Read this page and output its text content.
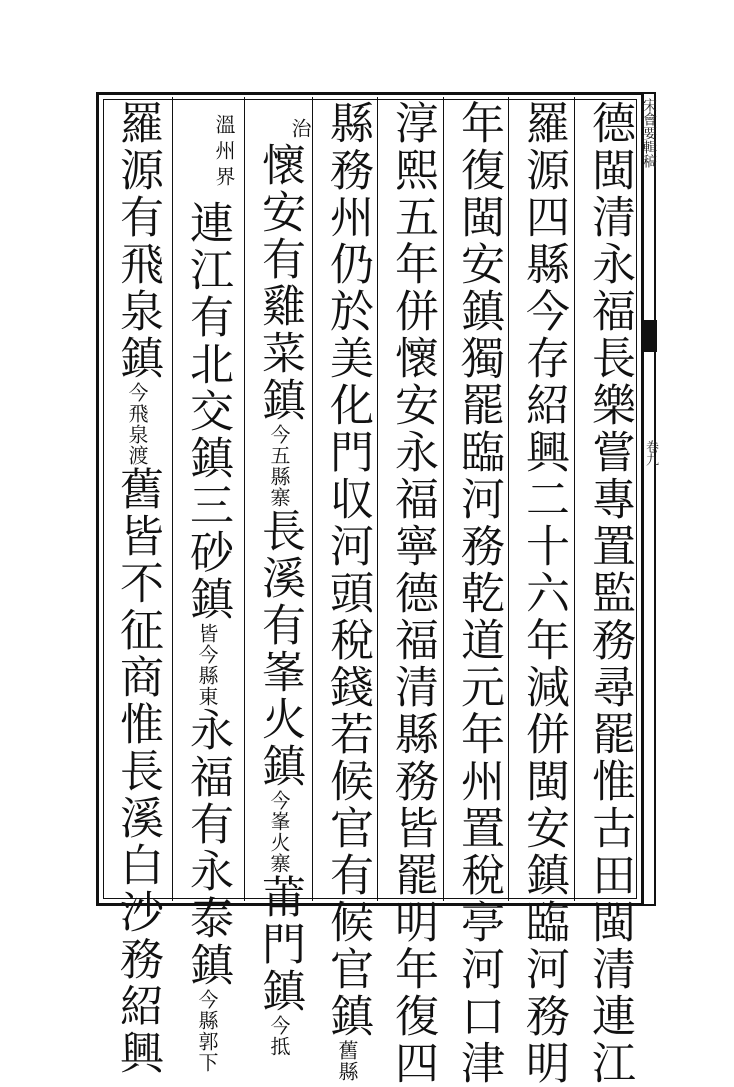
宋會要輯稿
卷九
德閩清永福長樂嘗專置監務尋罷惟古田閩清連江
羅源四縣今存紹興二十六年減併閩安鎮臨河務明
年復閩安鎮獨罷臨河務乾道元年州置稅亭河口津
淳熙五年併懷安永福寧德福清縣務皆罷明年復四
縣務州仍於美化門収河頭稅錢若候官有候官鎮舊縣
治
懷安有雞菜鎮今五縣寨長溪有峯火鎮今峯火寨莆門鎮今抵
溫州界
連江有北交鎮三砂鎮皆今縣東永福有永泰鎮今縣郭下
羅源有飛泉鎮今飛泉渡舊皆不征商惟長溪白沙務紹興
